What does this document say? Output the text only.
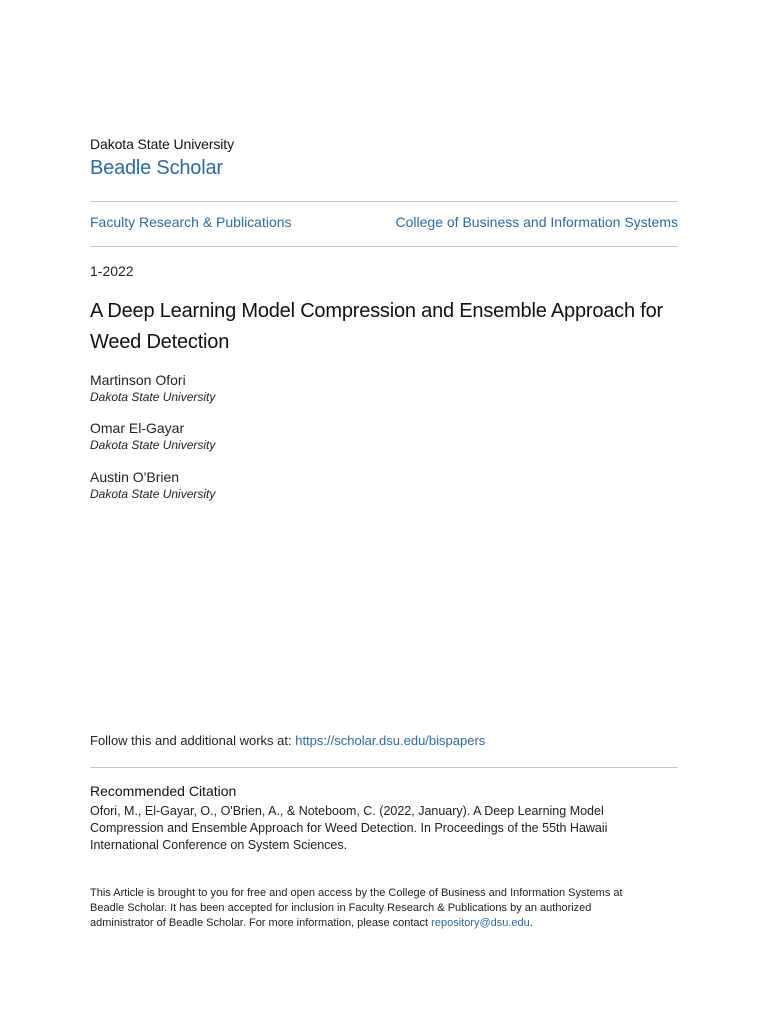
Dakota State University
Beadle Scholar
Faculty Research & Publications	College of Business and Information Systems
1-2022
A Deep Learning Model Compression and Ensemble Approach for Weed Detection
Martinson Ofori
Dakota State University
Omar El-Gayar
Dakota State University
Austin O'Brien
Dakota State University
Follow this and additional works at: https://scholar.dsu.edu/bispapers
Recommended Citation
Ofori, M., El-Gayar, O., O'Brien, A., & Noteboom, C. (2022, January). A Deep Learning Model Compression and Ensemble Approach for Weed Detection. In Proceedings of the 55th Hawaii International Conference on System Sciences.
This Article is brought to you for free and open access by the College of Business and Information Systems at Beadle Scholar. It has been accepted for inclusion in Faculty Research & Publications by an authorized administrator of Beadle Scholar. For more information, please contact repository@dsu.edu.
